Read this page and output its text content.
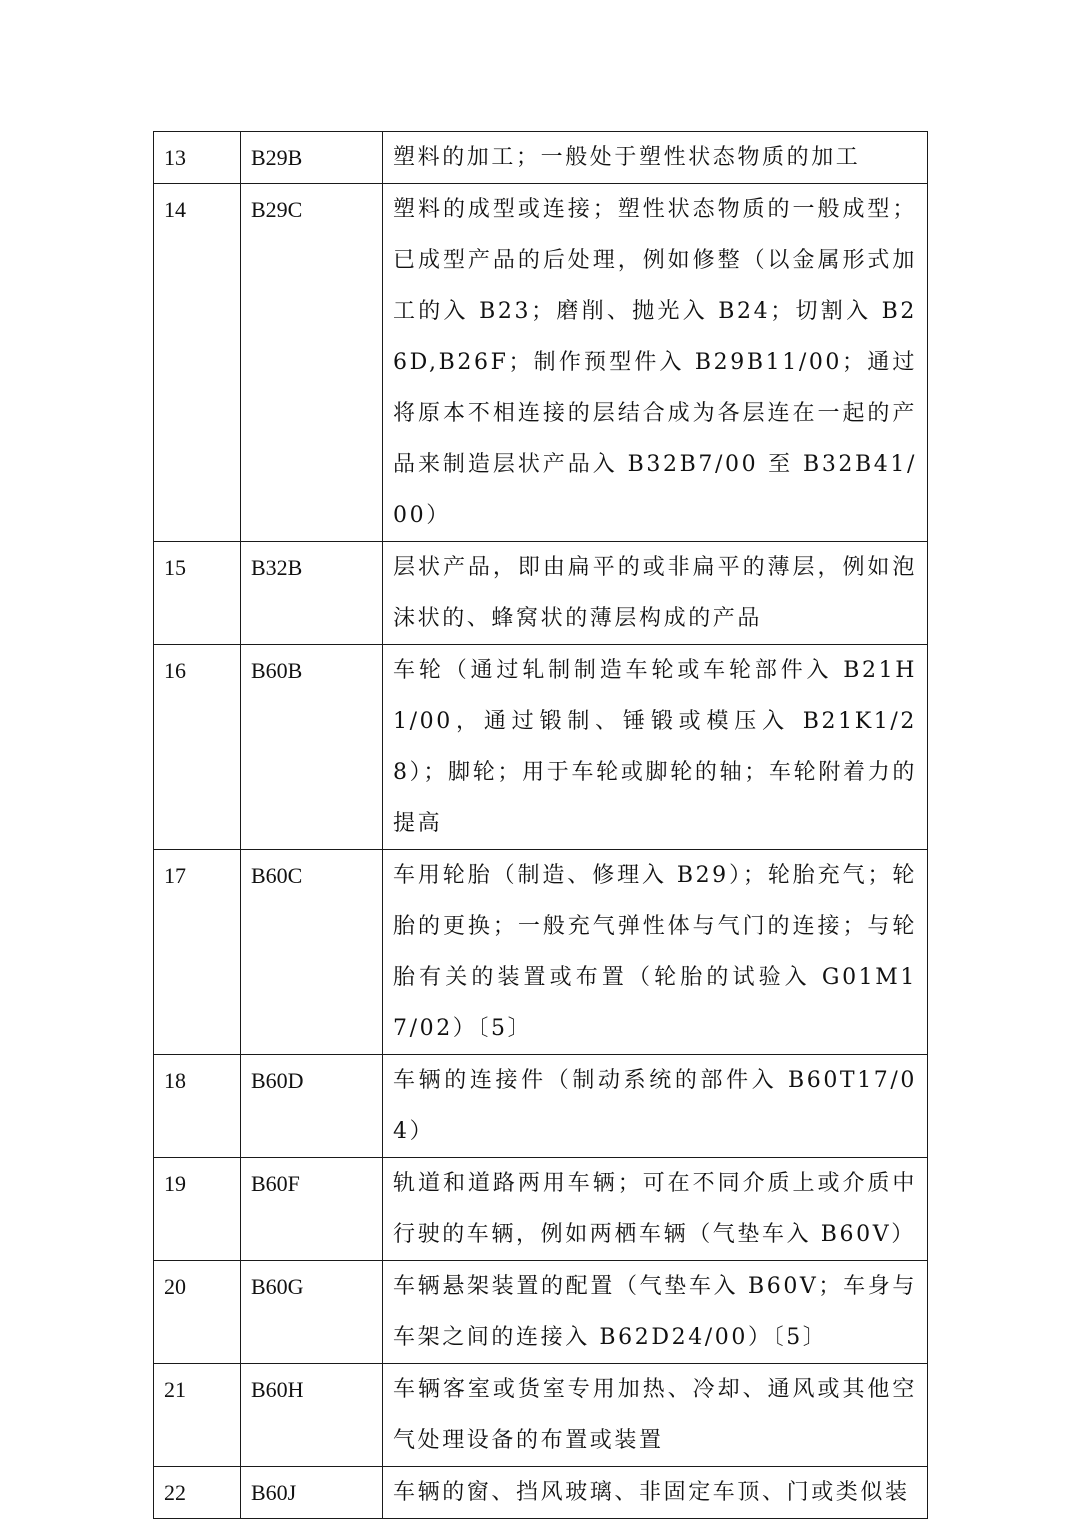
13	B29B	塑料的加工；一般处于塑性状态物质的加工
14	B29C	塑料的成型或连接；塑性状态物质的一般成型；已成型产品的后处理，例如修整（以金属形式加工的入 B23；磨削、抛光入 B24；切割入 B26D,B26F；制作预型件入 B29B11/00；通过将原本不相连接的层结合成为各层连在一起的产品来制造层状产品入 B32B7/00 至 B32B41/00）
15	B32B	层状产品，即由扁平的或非扁平的薄层，例如泡沫状的、蜂窝状的薄层构成的产品
16	B60B	车轮（通过轧制制造车轮或车轮部件入 B21H1/00，通过锻制、锤锻或模压入 B21K1/28）；脚轮；用于车轮或脚轮的轴；车轮附着力的提高
17	B60C	车用轮胎（制造、修理入 B29）；轮胎充气；轮胎的更换；一般充气弹性体与气门的连接；与轮胎有关的装置或布置（轮胎的试验入 G01M17/02）〔5〕
18	B60D	车辆的连接件（制动系统的部件入 B60T17/04）
19	B60F	轨道和道路两用车辆；可在不同介质上或介质中行驶的车辆，例如两栖车辆（气垫车入 B60V）
20	B60G	车辆悬架装置的配置（气垫车入 B60V；车身与车架之间的连接入 B62D24/00）〔5〕
21	B60H	车辆客室或货室专用加热、冷却、通风或其他空气处理设备的布置或装置
22	B60J	车辆的窗、挡风玻璃、非固定车顶、门或类似装
